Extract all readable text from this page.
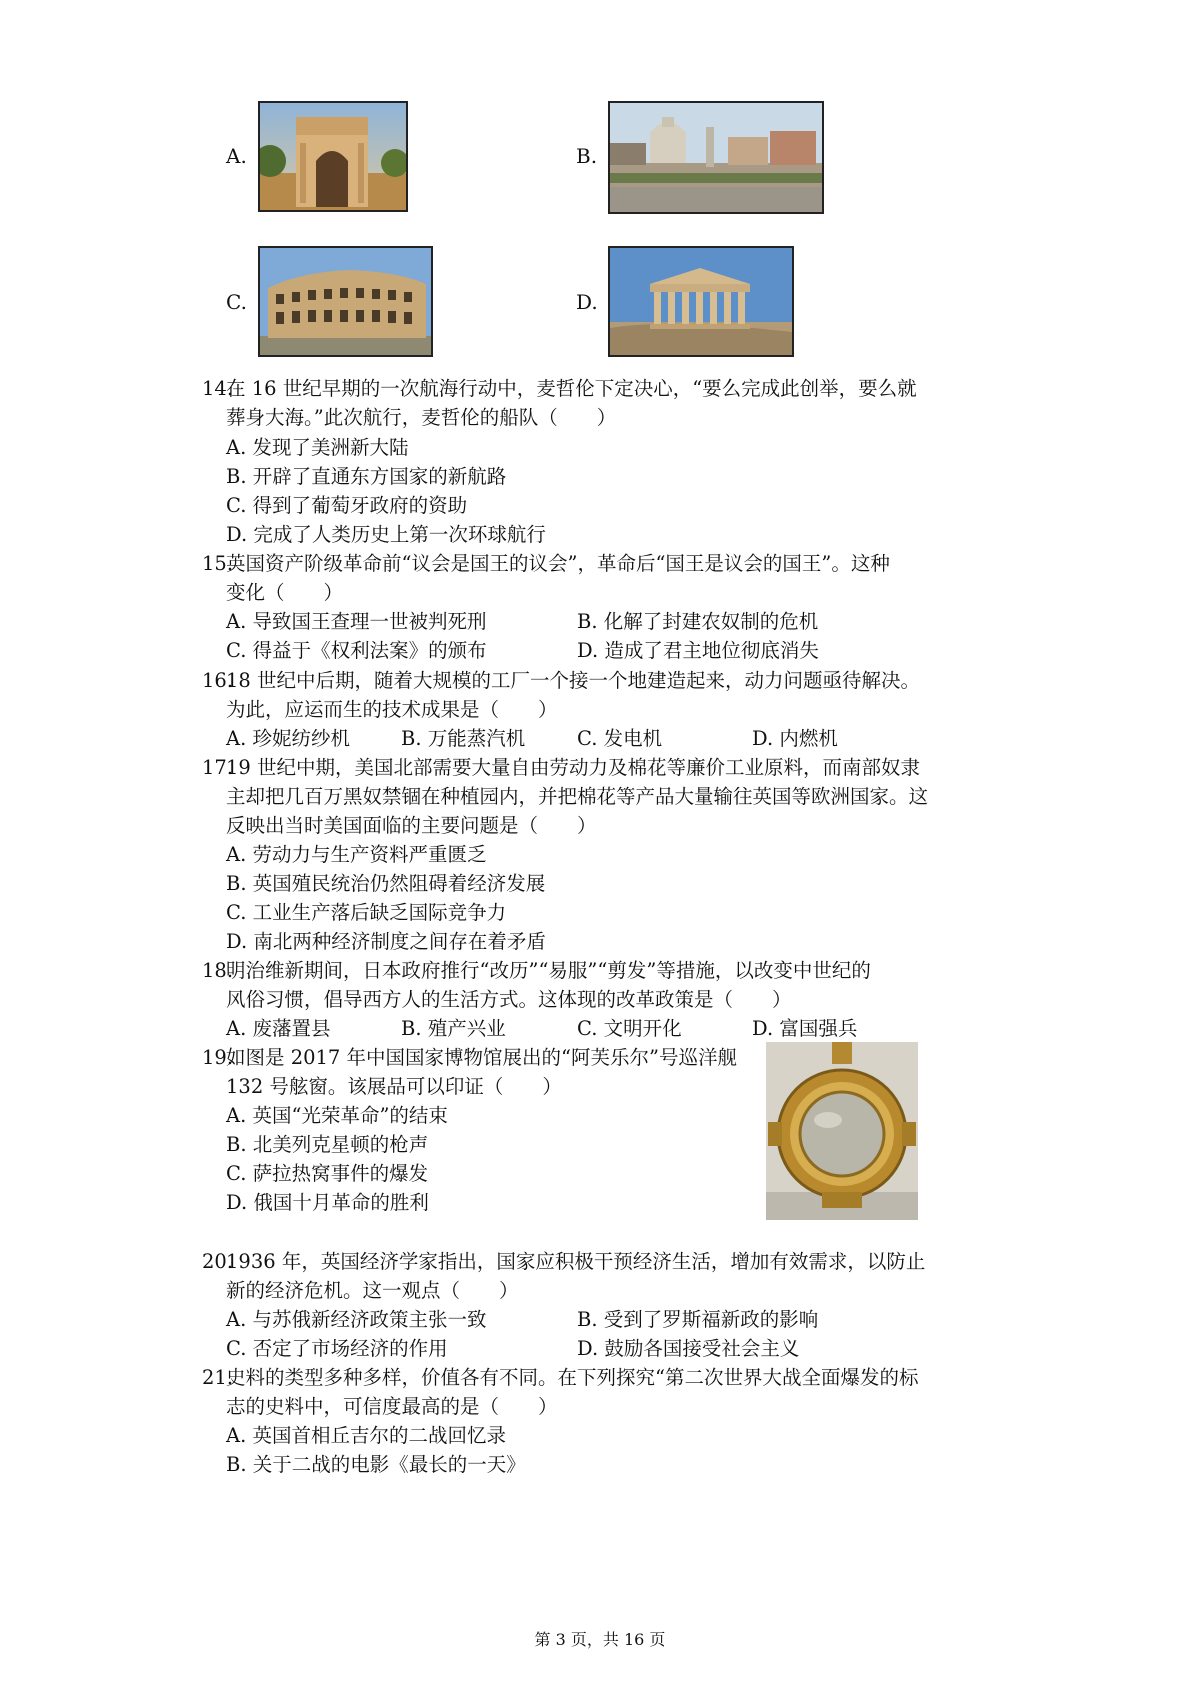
A.	B.
C.	D.
14.
在 16 世纪早期的一次航海行动中，麦哲伦下定决心，“要么完成此创举，要么就
葬身大海。”此次航行，麦哲伦的船队（　　）
A. 发现了美洲新大陆
B. 开辟了直通东方国家的新航路
C. 得到了葡萄牙政府的资助
D. 完成了人类历史上第一次环球航行
15.
英国资产阶级革命前“议会是国王的议会”，革命后“国王是议会的国王”。这种
变化（　　）
A. 导致国王查理一世被判死刑	B. 化解了封建农奴制的危机
C. 得益于《权利法案》的颁布	D. 造成了君主地位彻底消失
16.
18 世纪中后期，随着大规模的工厂一个接一个地建造起来，动力问题亟待解决。
为此，应运而生的技术成果是（　　）
A. 珍妮纺纱机	B. 万能蒸汽机	C. 发电机	D. 内燃机
17.
19 世纪中期，美国北部需要大量自由劳动力及棉花等廉价工业原料，而南部奴隶
主却把几百万黑奴禁锢在种植园内，并把棉花等产品大量输往英国等欧洲国家。这
反映出当时美国面临的主要问题是（　　）
A. 劳动力与生产资料严重匮乏
B. 英国殖民统治仍然阻碍着经济发展
C. 工业生产落后缺乏国际竞争力
D. 南北两种经济制度之间存在着矛盾
18.
明治维新期间，日本政府推行“改历”“易服”“剪发”等措施，以改变中世纪的
风俗习惯，倡导西方人的生活方式。这体现的改革政策是（　　）
A. 废藩置县	B. 殖产兴业	C. 文明开化	D. 富国强兵
19.
如图是 2017 年中国国家博物馆展出的“阿芙乐尔”号巡洋舰
132 号舷窗。该展品可以印证（　　）
A. 英国“光荣革命”的结束
B. 北美列克星顿的枪声
C. 萨拉热窝事件的爆发
D. 俄国十月革命的胜利
20.
1936 年，英国经济学家指出，国家应积极干预经济生活，增加有效需求，以防止
新的经济危机。这一观点（　　）
A. 与苏俄新经济政策主张一致	B. 受到了罗斯福新政的影响
C. 否定了市场经济的作用	D. 鼓励各国接受社会主义
21.
史料的类型多种多样，价值各有不同。在下列探究“第二次世界大战全面爆发的标
志的史料中，可信度最高的是（　　）
A. 英国首相丘吉尔的二战回忆录
B. 关于二战的电影《最长的一天》
第 3 页，共 16 页
